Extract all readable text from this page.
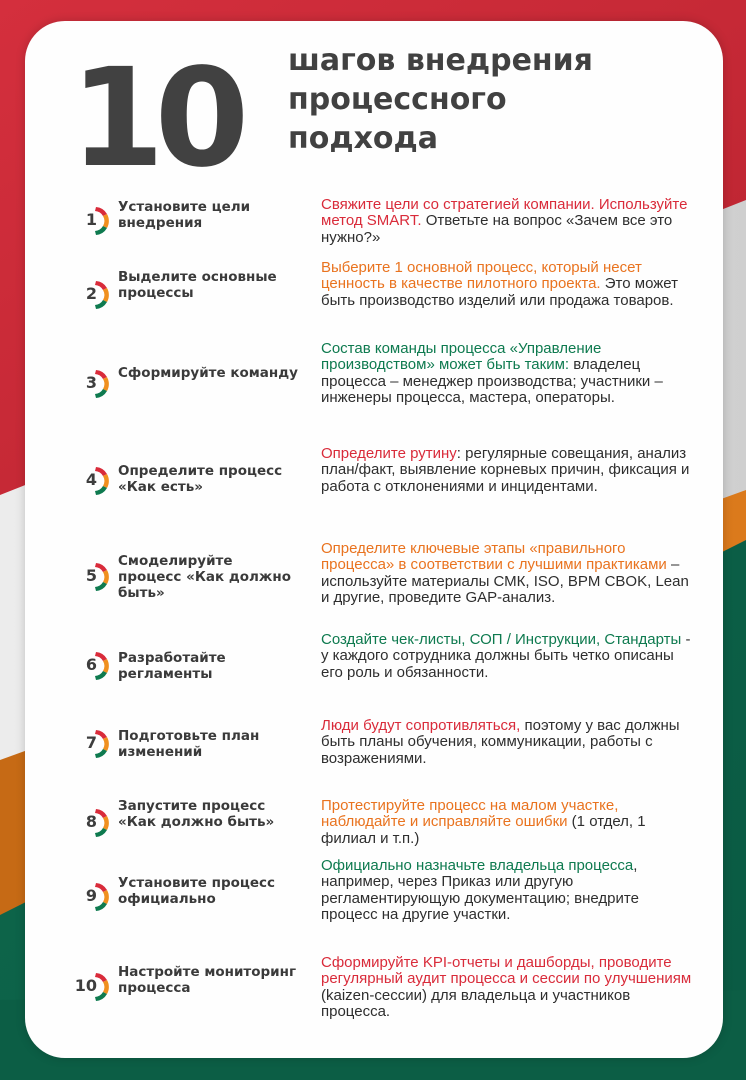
10 шагов внедрения
процессного
подхода
1
Установите цели внедрения
Свяжите цели со стратегией компании. Используйте метод SMART. Ответьте на вопрос «Зачем все это нужно?»
2
Выделите основные процессы
Выберите 1 основной процесс, который несет ценность в качестве пилотного проекта. Это может быть производство изделий или продажа товаров.
3 Сформируйте команду
Состав команды процесса «Управление производством» может быть таким: владелец процесса – менеджер производства; участники – инженеры процесса, мастера, операторы.
4 Определите процесс «Как есть»
Определите рутину: регулярные совещания, анализ план/факт, выявление корневых причин, фиксация и работа с отклонениями и инцидентами.
5
Смоделируйте процесс «Как должно быть»
Определите ключевые этапы «правильного процесса» в соответствии с лучшими практиками – используйте материалы СМК, ISO, BPM CBOK, Lean и другие, проведите GAP-анализ.
6 Разработайте регламенты
Создайте чек-листы, СОП / Инструкции, Стандарты - у каждого сотрудника должны быть четко описаны его роль и обязанности.
7 Подготовьте план изменений
Люди будут сопротивляться, поэтому у вас должны быть планы обучения, коммуникации, работы с возражениями.
8
Запустите процесс «Как должно быть»
Протестируйте процесс на малом участке, наблюдайте и исправляйте ошибки (1 отдел, 1 филиал и т.п.)
9
Установите процесс официально
Официально назначьте владельца процесса, например, через Приказ или другую регламентирующую документацию; внедрите процесс на другие участки.
10
Настройте мониторинг процесса
Сформируйте KPI-отчеты и дашборды, проводите регулярный аудит процесса и сессии по улучшениям (kaizen-сессии) для владельца и участников процесса.
